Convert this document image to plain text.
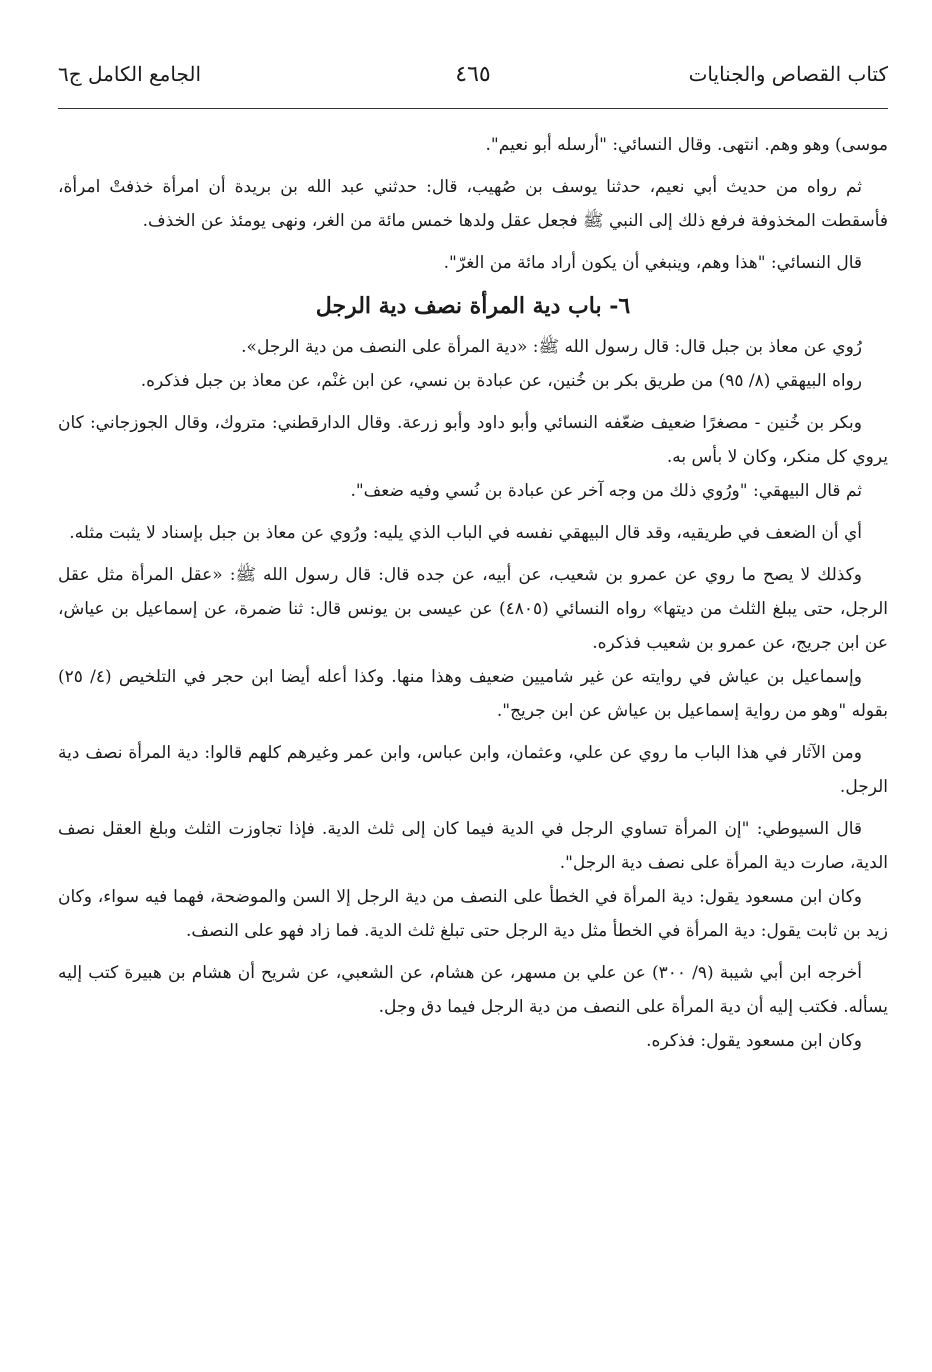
كتاب القصاص والجنايات
٤٦٥
الجامع الكامل ج٦

موسى) وهو وهم. انتهى. وقال النسائي: "أرسله أبو نعيم".

ثم رواه من حديث أبي نعيم، حدثنا يوسف بن صُهيب، قال: حدثني عبد الله بن بريدة أن امرأة خذفتْ امرأة، فأسقطت المخذوفة فرفع ذلك إلى النبي ﷺ فجعل عقل ولدها خمس مائة من الغر، ونهى يومئذ عن الخذف.

قال النسائي: "هذا وهم، وينبغي أن يكون أراد مائة من الغرّ".

٦- باب دية المرأة نصف دية الرجل

رُوي عن معاذ بن جبل قال: قال رسول الله ﷺ: «دية المرأة على النصف من دية الرجل».

رواه البيهقي (٨/ ٩٥) من طريق بكر بن خُنين، عن عبادة بن نسي، عن ابن غنْم، عن معاذ بن جبل فذكره.

وبكر بن خُنين - مصغرًا ضعيف ضعّفه النسائي وأبو داود وأبو زرعة. وقال الدارقطني: متروك، وقال الجوزجاني: كان يروي كل منكر، وكان لا بأس به.

ثم قال البيهقي: "ورُوي ذلك من وجه آخر عن عبادة بن نُسي وفيه ضعف".

أي أن الضعف في طريقيه، وقد قال البيهقي نفسه في الباب الذي يليه: ورُوي عن معاذ بن جبل بإسناد لا يثبت مثله.

وكذلك لا يصح ما روي عن عمرو بن شعيب، عن أبيه، عن جده قال: قال رسول الله ﷺ: «عقل المرأة مثل عقل الرجل، حتى يبلغ الثلث من ديتها» رواه النسائي (٤٨٠٥) عن عيسى بن يونس قال: ثنا ضمرة، عن إسماعيل بن عياش، عن ابن جريج، عن عمرو بن شعيب فذكره.

وإسماعيل بن عياش في روايته عن غير شاميين ضعيف وهذا منها. وكذا أعله أيضا ابن حجر في التلخيص (٤/ ٢٥) بقوله "وهو من رواية إسماعيل بن عياش عن ابن جريج".

ومن الآثار في هذا الباب ما روي عن علي، وعثمان، وابن عباس، وابن عمر وغيرهم كلهم قالوا: دية المرأة نصف دية الرجل.

قال السيوطي: "إن المرأة تساوي الرجل في الدية فيما كان إلى ثلث الدية. فإذا تجاوزت الثلث وبلغ العقل نصف الدية، صارت دية المرأة على نصف دية الرجل".

وكان ابن مسعود يقول: دية المرأة في الخطأ على النصف من دية الرجل إلا السن والموضحة، فهما فيه سواء، وكان زيد بن ثابت يقول: دية المرأة في الخطأ مثل دية الرجل حتى تبلغ ثلث الدية. فما زاد فهو على النصف.

أخرجه ابن أبي شيبة (٩/ ٣٠٠) عن علي بن مسهر، عن هشام، عن الشعبي، عن شريح أن هشام بن هبيرة كتب إليه يسأله. فكتب إليه أن دية المرأة على النصف من دية الرجل فيما دق وجل.

وكان ابن مسعود يقول: فذكره.
